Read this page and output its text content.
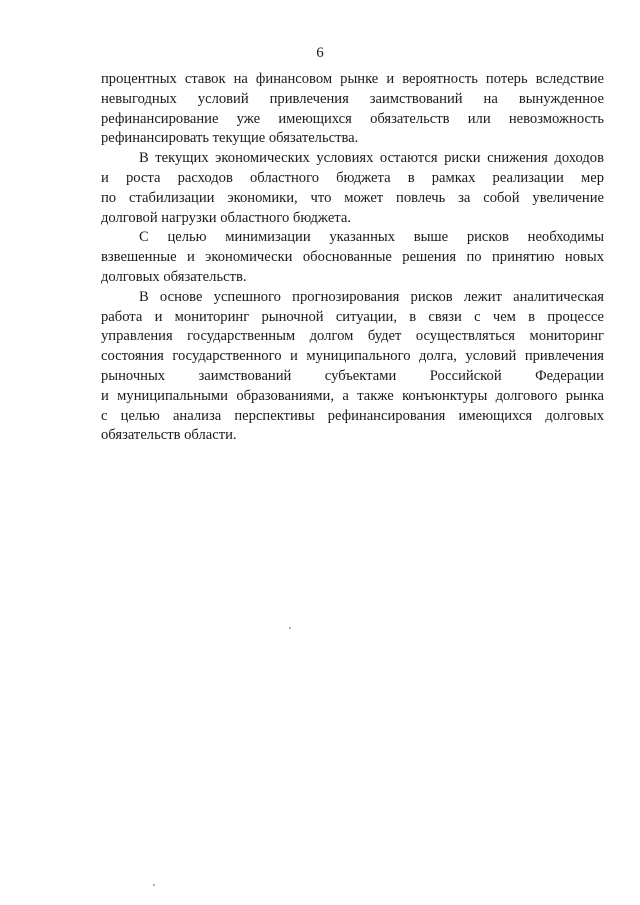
6

процентных ставок на финансовом рынке и вероятность потерь вследствие
невыгодных условий привлечения заимствований на вынужденное
рефинансирование уже имеющихся обязательств или невозможность
рефинансировать текущие обязательства.

В текущих экономических условиях остаются риски снижения доходов
и роста расходов областного бюджета в рамках реализации мер
по стабилизации экономики, что может повлечь за собой увеличение
долговой нагрузки областного бюджета.

С целью минимизации указанных выше рисков необходимы
взвешенные и экономически обоснованные решения по принятию новых
долговых обязательств.

В основе успешного прогнозирования рисков лежит аналитическая
работа и мониторинг рыночной ситуации, в связи с чем в процессе
управления государственным долгом будет осуществляться мониторинг
состояния государственного и муниципального долга, условий привлечения
рыночных заимствований субъектами Российской Федерации
и муниципальными образованиями, а также конъюнктуры долгового рынка
с целью анализа перспективы рефинансирования имеющихся долговых
обязательств области.
